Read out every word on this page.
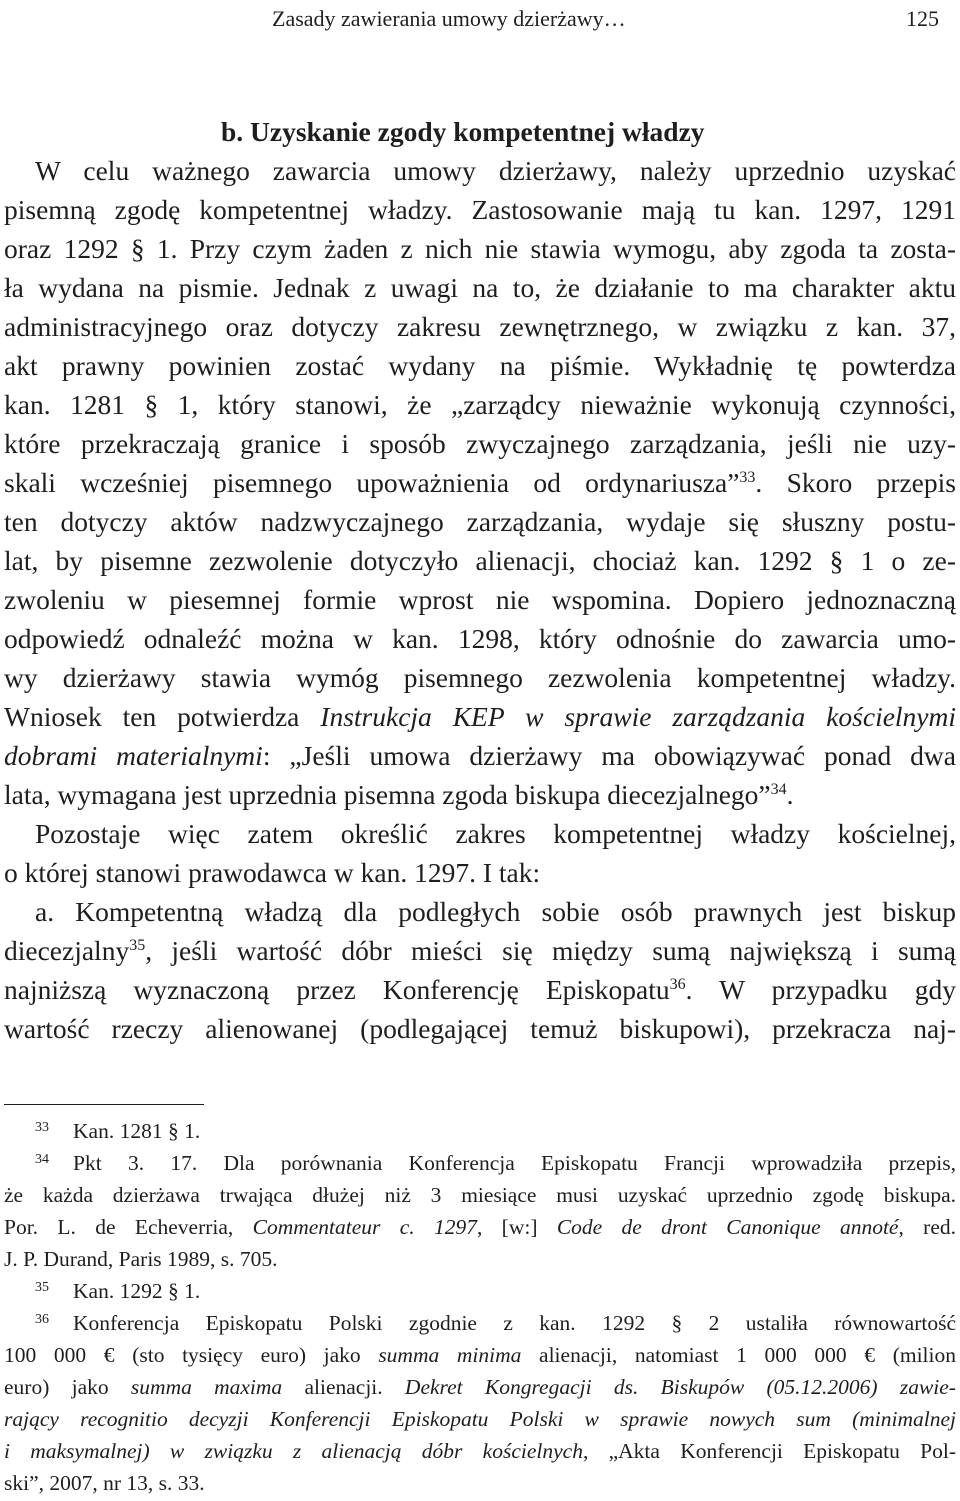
Zasady zawierania umowy dzierżawy…	125
b. Uzyskanie zgody kompetentnej władzy
W celu ważnego zawarcia umowy dzierżawy, należy uprzednio uzyskać
pisemną zgodę kompetentnej władzy. Zastosowanie mają tu kan. 1297, 1291
oraz 1292 § 1. Przy czym żaden z nich nie stawia wymogu, aby zgoda ta zosta-
ła wydana na pismie. Jednak z uwagi na to, że działanie to ma charakter aktu
administracyjnego oraz dotyczy zakresu zewnętrznego, w związku z kan. 37,
akt prawny powinien zostać wydany na piśmie. Wykładnię tę powterdza
kan. 1281 § 1, który stanowi, że „zarządcy nieważnie wykonują czynności,
które przekraczają granice i sposób zwyczajnego zarządzania, jeśli nie uzy-
skali wcześniej pisemnego upoważnienia od ordynariusza”$^{33}$. Skoro przepis
ten dotyczy aktów nadzwyczajnego zarządzania, wydaje się słuszny postu-
lat, by pisemne zezwolenie dotyczyło alienacji, chociaż kan. 1292 § 1 o ze-
zwoleniu w piesemnej formie wprost nie wspomina. Dopiero jednoznaczną
odpowiedź odnaleźć można w kan. 1298, który odnośnie do zawarcia umo-
wy dzierżawy stawia wymóg pisemnego zezwolenia kompetentnej władzy.
Wniosek ten potwierdza Instrukcja KEP w sprawie zarządzania kościelnymi
dobrami materialnymi: „Jeśli umowa dzierżawy ma obowiązywać ponad dwa
lata, wymagana jest uprzednia pisemna zgoda biskupa diecezjalnego”$^{34}$.
Pozostaje więc zatem określić zakres kompetentnej władzy kościelnej,
o której stanowi prawodawca w kan. 1297. I tak:
a. Kompetentną władzą dla podległych sobie osób prawnych jest biskup
diecezjalny$^{35}$, jeśli wartość dóbr mieści się między sumą największą i sumą
najniższą wyznaczoną przez Konferencję Episkopatu$^{36}$. W przypadku gdy
wartość rzeczy alienowanej (podlegającej temuż biskupowi), przekracza naj-
33 Kan. 1281 § 1.
34 Pkt 3. 17. Dla porównania Konferencja Episkopatu Francji wprowadziła przepis,
że każda dzierżawa trwająca dłużej niż 3 miesiące musi uzyskać uprzednio zgodę biskupa.
Por. L. de Echeverria, Commentateur c. 1297, [w:] Code de dront Canonique annoté, red.
J. P. Durand, Paris 1989, s. 705.
35 Kan. 1292 § 1.
36 Konferencja Episkopatu Polski zgodnie z kan. 1292 § 2 ustaliła równowartość
100 000 € (sto tysięcy euro) jako summa minima alienacji, natomiast 1 000 000 € (milion
euro) jako summa maxima alienacji. Dekret Kongregacji ds. Biskupów (05.12.2006) zawie-
rający recognitio decyzji Konferencji Episkopatu Polski w sprawie nowych sum (minimalnej
i maksymalnej) w związku z alienacją dóbr kościelnych, „Akta Konferencji Episkopatu Pol-
ski”, 2007, nr 13, s. 33.
